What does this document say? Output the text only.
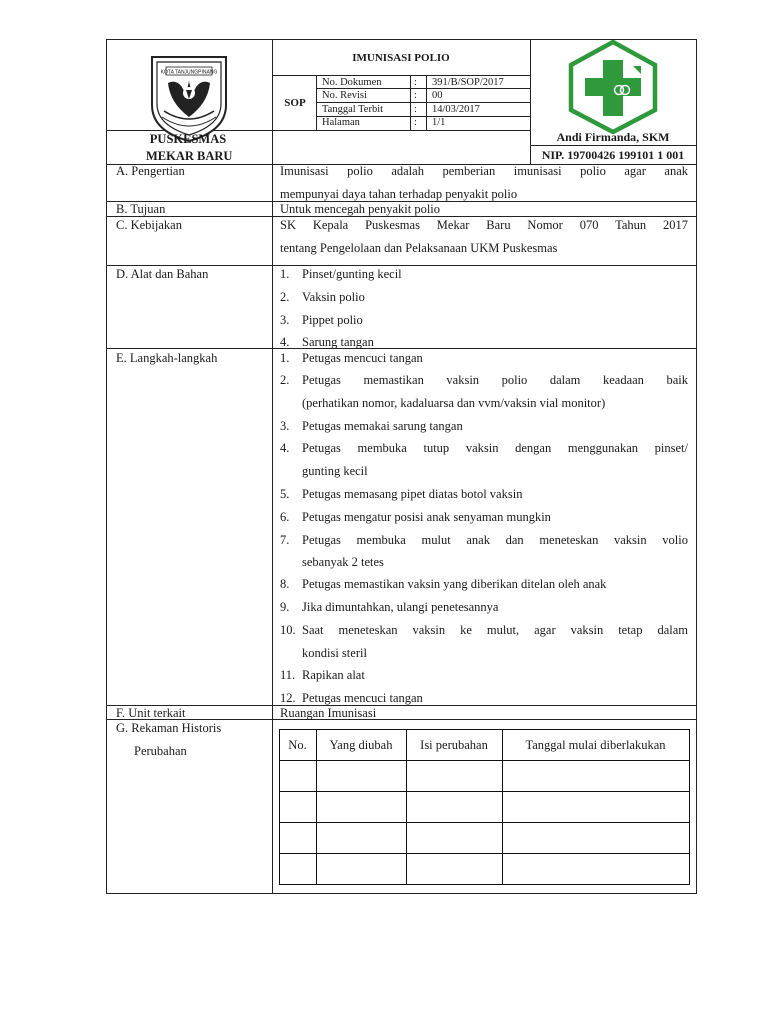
KOTA TANJUNGPINANG
PUSKESMAS
MEKAR BARU
IMUNISASI POLIO
SOP
No. Dokumen	: 391/B/SOP/2017
No. Revisi	: 00
Tanggal Terbit	: 14/03/2017
Halaman	: 1/1
Andi Firmanda, SKM
NIP. 19700426 199101 1 001
A. Pengertian	Imunisasi polio adalah pemberian imunisasi polio agar anak
mempunyai daya tahan terhadap penyakit polio
B. Tujuan	Untuk mencegah penyakit polio
C. Kebijakan	SK Kepala Puskesmas Mekar Baru Nomor 070 Tahun 2017
tentang Pengelolaan dan Pelaksanaan UKM Puskesmas
D. Alat dan Bahan	1. Pinset/gunting kecil
2. Vaksin polio
3. Pippet polio
4. Sarung tangan
E. Langkah-langkah	1. Petugas mencuci tangan
2. Petugas memastikan vaksin polio dalam keadaan baik
(perhatikan nomor, kadaluarsa dan vvm/vaksin vial monitor)
3. Petugas memakai sarung tangan
4. Petugas membuka tutup vaksin dengan menggunakan pinset/
gunting kecil
5. Petugas memasang pipet diatas botol vaksin
6. Petugas mengatur posisi anak senyaman mungkin
7. Petugas membuka mulut anak dan meneteskan vaksin volio
sebanyak 2 tetes
8. Petugas memastikan vaksin yang diberikan ditelan oleh anak
9. Jika dimuntahkan, ulangi penetesannya
10. Saat meneteskan vaksin ke mulut, agar vaksin tetap dalam
kondisi steril
11. Rapikan alat
12. Petugas mencuci tangan
F. Unit terkait	Ruangan Imunisasi
G. Rekaman Historis
Perubahan	No.	Yang diubah	Isi perubahan	Tanggal mulai diberlakukan
